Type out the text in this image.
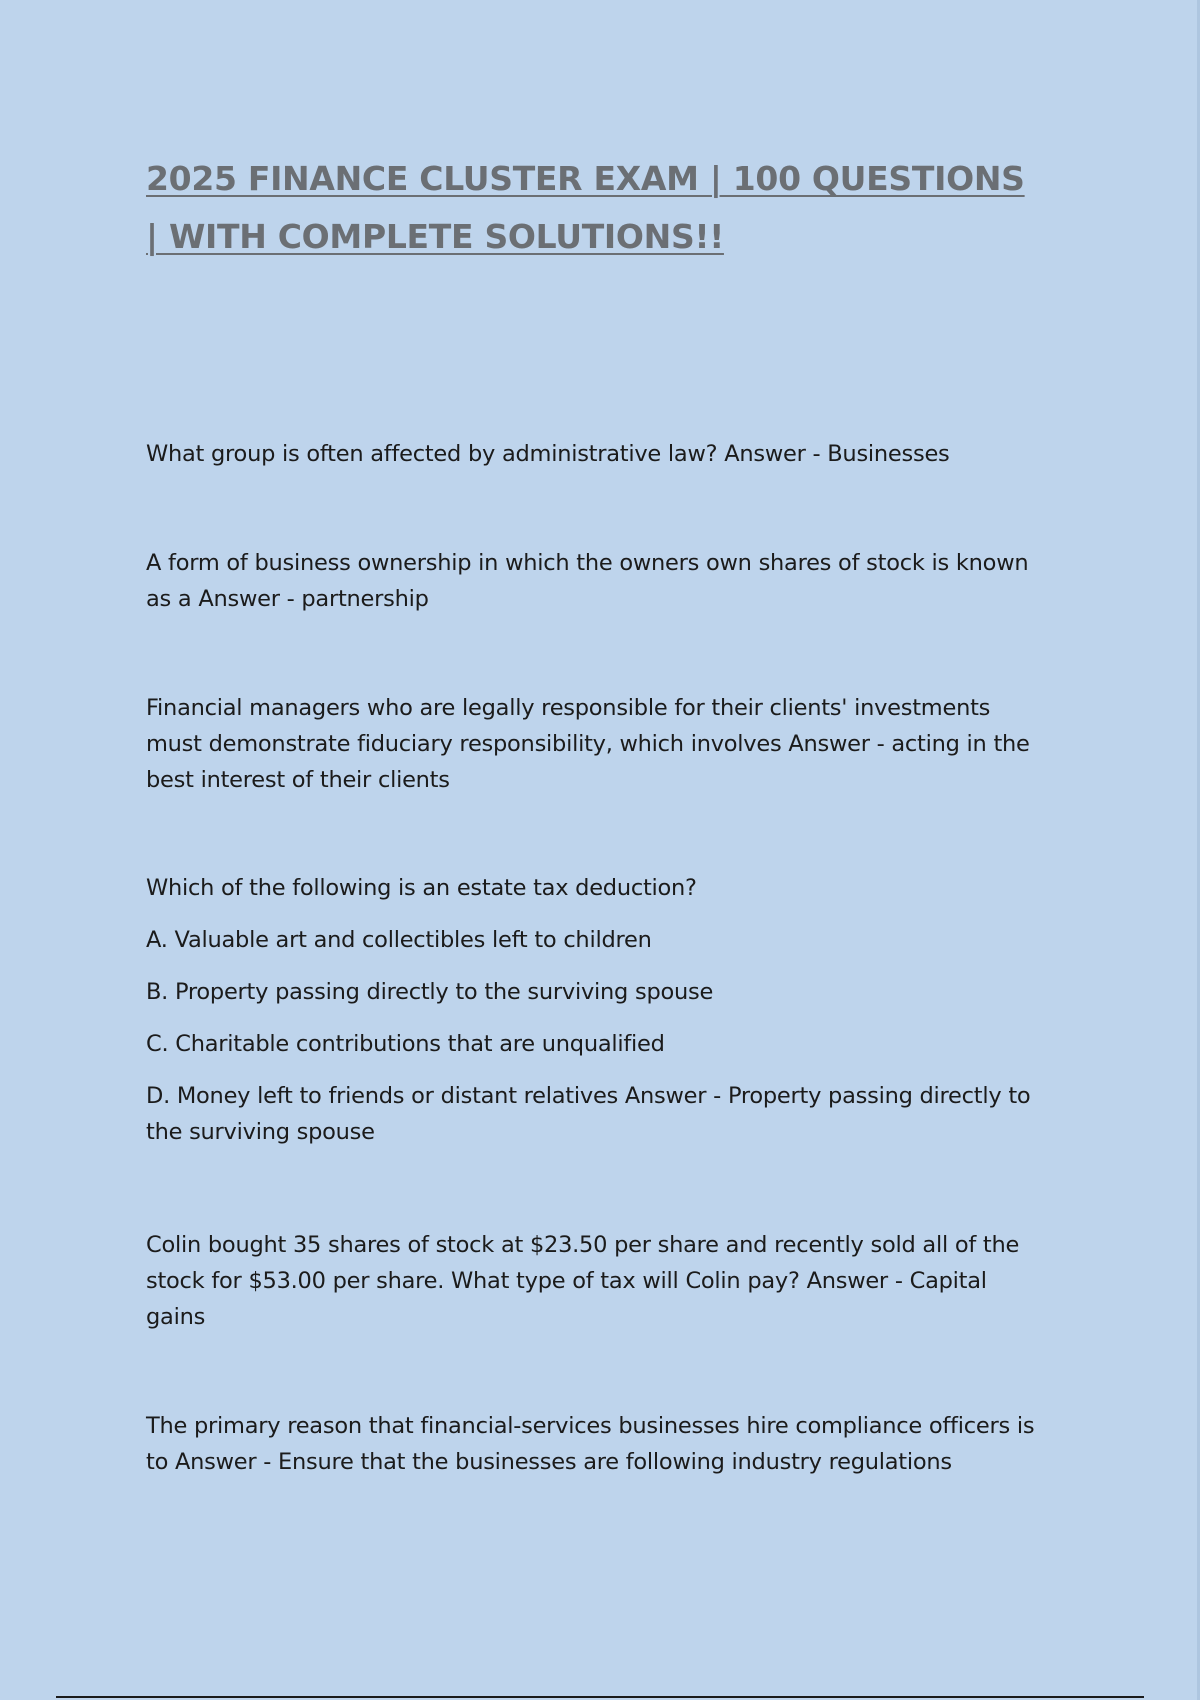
2025 FINANCE CLUSTER EXAM | 100 QUESTIONS | WITH COMPLETE SOLUTIONS!!

What group is often affected by administrative law? Answer - Businesses

A form of business ownership in which the owners own shares of stock is known as a Answer - partnership

Financial managers who are legally responsible for their clients' investments must demonstrate fiduciary responsibility, which involves Answer - acting in the best interest of their clients

Which of the following is an estate tax deduction?

A. Valuable art and collectibles left to children

B. Property passing directly to the surviving spouse

C. Charitable contributions that are unqualified

D. Money left to friends or distant relatives Answer - Property passing directly to the surviving spouse

Colin bought 35 shares of stock at $23.50 per share and recently sold all of the stock for $53.00 per share. What type of tax will Colin pay? Answer - Capital gains

The primary reason that financial-services businesses hire compliance officers is to Answer - Ensure that the businesses are following industry regulations
